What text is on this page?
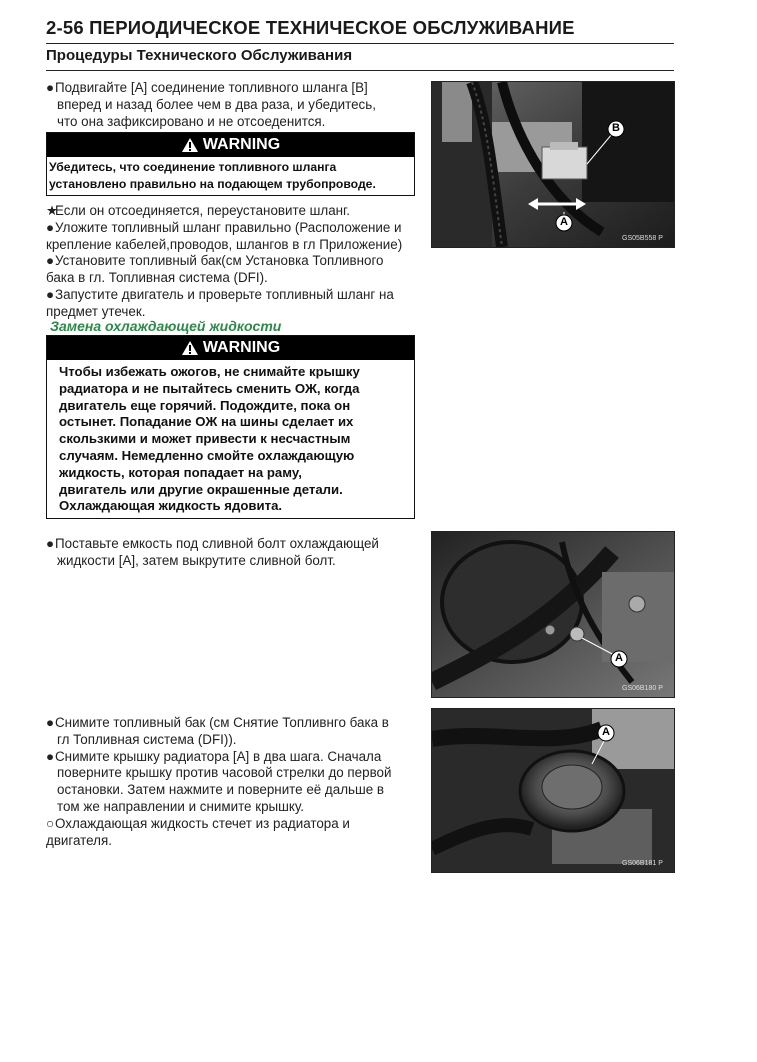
2-56 ПЕРИОДИЧЕСКОЕ ТЕХНИЧЕСКОЕ ОБСЛУЖИВАНИЕ
Процедуры Технического Обслуживания
●Подвигайте [A] соединение топливного шланга [B]
вперед и назад более чем в два раза, и убедитесь,
что она зафиксировано и не отсоеденится.
WARNING
Убедитесь, что соединение топливного шланга
установлено правильно на подающем трубопроводе.
★Если он отсоединяется, переустановите шланг.
●Уложите топливный шланг правильно (Расположение и
крепление кабелей,проводов, шлангов в гл Приложение)
●Установите топливный бак(см Установка Топливного
бака в гл. Топливная система (DFI).
●Запустите двигатель и проверьте топливный шланг на
предмет утечек.
Замена охлаждающей жидкости
WARNING
Чтобы избежать ожогов, не снимайте крышку
радиатора и не пытайтесь сменить ОЖ, когда
двигатель еще горячий. Подождите, пока он
остынет. Попадание ОЖ на шины сделает их
скользкими и может привести к несчастным
случаям. Немедленно смойте охлаждающую
жидкость, которая попадает на раму,
двигатель или другие окрашенные детали.
Охлаждающая жидкость ядовита.
●Поставьте емкость под сливной болт охлаждающей
жидкости [A], затем выкрутите сливной болт.
●Снимите топливный бак (см Снятие Топливнго бака в
гл Топливная система (DFI)).
●Снимите крышку радиатора [A] в два шага. Сначала
поверните крышку против часовой стрелки до первой
остановки. Затем нажмите и поверните её дальше в
том же направлении и снимите крышку.
○Охлаждающая жидкость стечет из радиатора и
двигателя.
A
B
GS05B558 P
A
GS06B180 P
A
GS06B181 P
